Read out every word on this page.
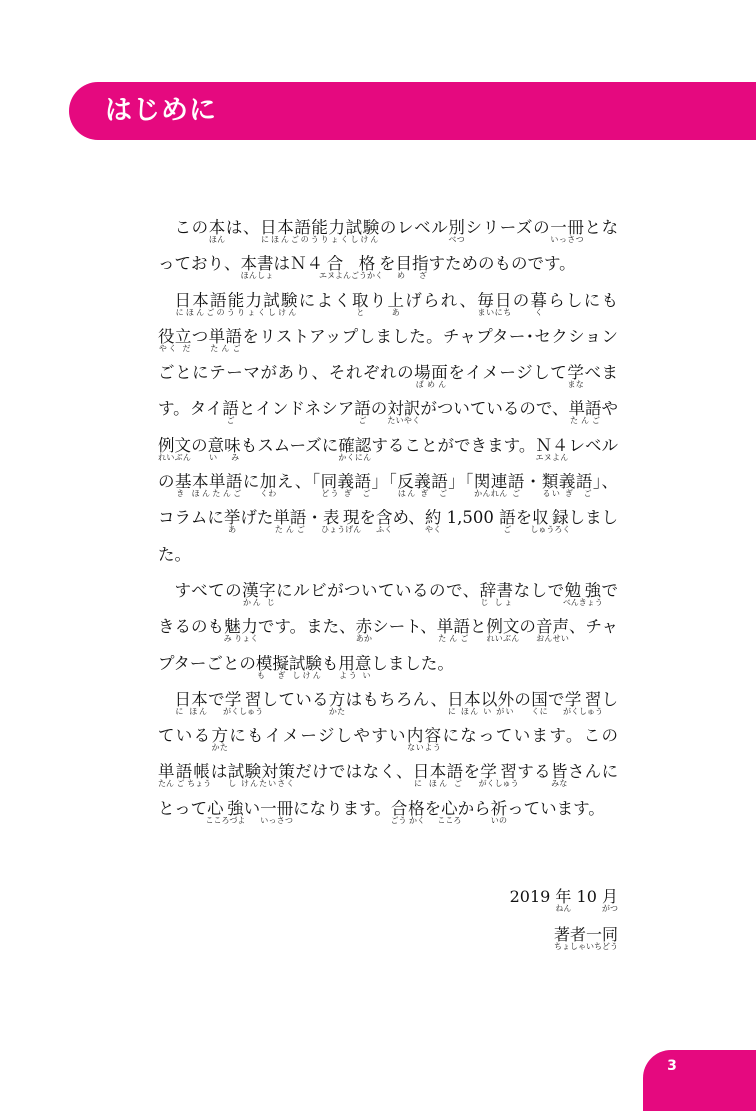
はじめに

この本ほんは、日本語能力試験にほんごのうりょくしけんのレベル別べつシリーズの一冊いっさつとなっており、本書ほんしょはＮ４合格エヌよんごうかくを目指め　ざすためのものです。

日本語能力試験にほんごのうりょくしけんによく取とり上あげられ、毎日まいにちの暮くらしにも役立やく だつ単語たんごをリストアップしました。チャプター･セクションごとにテーマがあり、それぞれの場面ばめんをイメージして学まなべます。タイ語ごとインドネシア語ごの対訳たいやくがついているので、単語たんごや例文れいぶんの意味い　みもスムーズに確認かくにんすることができます。Ｎ４エヌよんレベルの基本単語き ほんたんごに加くわえ、「同義語どう ぎ　ご」「反義語はん ぎ　ご」「関連かんれん語ご・類義語るい ぎ　ご」、コラムに挙あげた単語たんご・表現ひょうげんを含ふくめ、約やく 1,500 語ごを収録しゅうろくしました。

すべての漢字かん じにルビがついているので、辞書じ しょなしで勉強べんきょうできるのも魅力み りょくです。また、赤あかシート、単語たんごと例文れいぶんの音おん声せい、チャプターごとの模擬試験も　ぎ しけんも用意よう いしました。

日本に ほんで学習がくしゅうしている方かたはもちろん、日本以外に ほん い がいの国くにで学習がくしゅうしている方かたにもイメージしやすい内容ないようになっています。この単語帳たん ご ちょうは試験対策し けんたいさくだけではなく、日本語に ほん ごを学習がくしゅうする皆みなさんにとって心強こころづよい一冊いっさつになります。合格ごう かくを心こころから祈いのっています。

2019 年ねん 10 月がつ
著者一同ちょしゃいちどう
3
